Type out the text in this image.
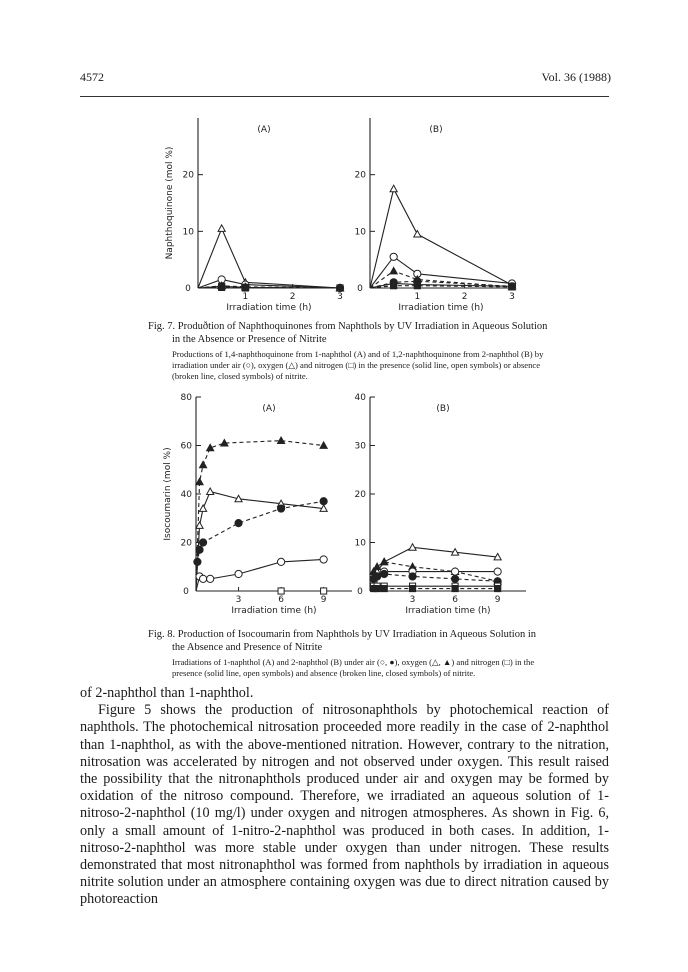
4572	Vol. 36 (1988)
0
10
20
1	2	3
(A)
Irradiation time (h)
Naphthoquinone (mol %)
0
10
20
1	2	3
(B)
Irradiation time (h)
Fig. 7. Produðtion of Naphthoquinones from Naphthols by UV Irradiation in Aqueous Solution in the Absence or Presence of Nitrite
Productions of 1,4-naphthoquinone from 1-naphthol (A) and of 1,2-naphthoquinone from 2-naphthol (B) by irradiation under air (○), oxygen (△) and nitrogen (□) in the presence (solid line, open symbols) or absence (broken line, closed symbols) of nitrite.
0
20
40
60
80
3	6	9
(A)
Irradiation time (h)
Isocoumarin (mol %)
0
10
20
30
40
3	6	9
(B)
Irradiation time (h)
Fig. 8. Production of Isocoumarin from Naphthols by UV Irradiation in Aqueous Solution in the Absence and Presence of Nitrite
Irradiations of 1-naphthol (A) and 2-naphthol (B) under air (○, ●), oxygen (△, ▲) and nitrogen (□) in the presence (solid line, open symbols) and absence (broken line, closed symbols) of nitrite.

of 2-naphthol than 1-naphthol.

Figure 5 shows the production of nitrosonaphthols by photochemical reaction of naphthols. The photochemical nitrosation proceeded more readily in the case of 2-naphthol than 1-naphthol, as with the above-mentioned nitration. However, contrary to the nitration, nitrosation was accelerated by nitrogen and not observed under oxygen. This result raised the possibility that the nitronaphthols produced under air and oxygen may be formed by oxidation of the nitroso compound. Therefore, we irradiated an aqueous solution of 1-nitroso-2-naphthol (10 mg/l) under oxygen and nitrogen atmospheres. As shown in Fig. 6, only a small amount of 1-nitro-2-naphthol was produced in both cases. In addition, 1-nitroso-2-naphthol was more stable under oxygen than under nitrogen. These results demonstrated that most nitronaphthol was formed from naphthols by irradiation in aqueous nitrite solution under an atmosphere containing oxygen was due to direct nitration caused by photoreaction
